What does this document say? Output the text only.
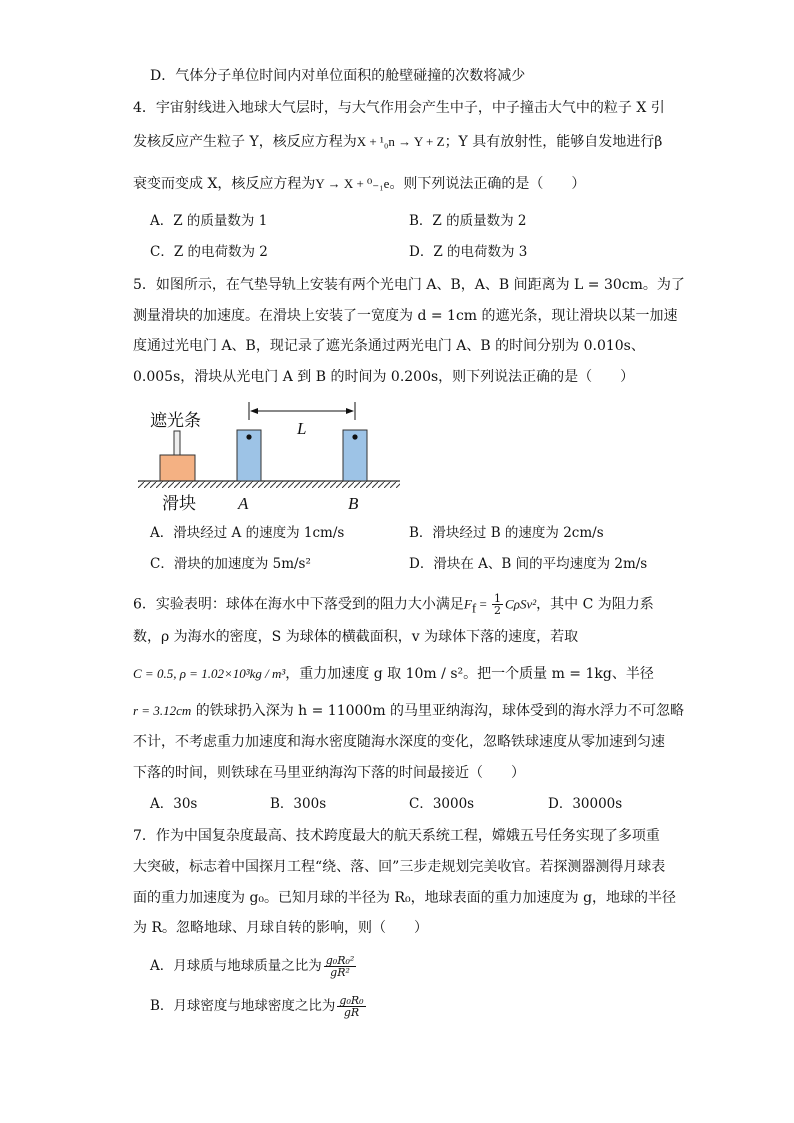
D．气体分子单位时间内对单位面积的舱壁碰撞的次数将减少
4．宇宙射线进入地球大气层时，与大气作用会产生中子，中子撞击大气中的粒子 X 引
发核反应产生粒子 Y，核反应方程为X + ¹₀n → Y + Z；Y 具有放射性，能够自发地进行β
衰变而变成 X，核反应方程为Y → X + ⁰₋₁e。则下列说法正确的是（　　）
A．Z 的质量数为 1	B．Z 的质量数为 2
C．Z 的电荷数为 2	D．Z 的电荷数为 3
5．如图所示，在气垫导轨上安装有两个光电门 A、B，A、B 间距离为 L = 30cm。为了
测量滑块的加速度。在滑块上安装了一宽度为 d = 1cm 的遮光条，现让滑块以某一加速
度通过光电门 A、B，现记录了遮光条通过两光电门 A、B 的时间分别为 0.010s、
0.005s，滑块从光电门 A 到 B 的时间为 0.200s，则下列说法正确的是（　　）
遮光条	L
滑块 A	B
A．滑块经过 A 的速度为 1cm/s	B．滑块经过 B 的速度为 2cm/s
C．滑块的加速度为 5m/s²	D．滑块在 A、B 间的平均速度为 2m/s
6．实验表明：球体在海水中下落受到的阻力大小满足$F_f = \frac{1}{2} C\rho Sv^2$，其中 C 为阻力系
数，ρ 为海水的密度，S 为球体的横截面积，v 为球体下落的速度，若取
C = 0.5, ρ = 1.02×10³kg / m³，重力加速度 g 取 10m / s²。把一个质量 m = 1kg、半径
r = 3.12cm 的铁球扔入深为 h = 11000m 的马里亚纳海沟，球体受到的海水浮力不可忽略
不计，不考虑重力加速度和海水密度随海水深度的变化，忽略铁球速度从零加速到匀速
下落的时间，则铁球在马里亚纳海沟下落的时间最接近（　　）
A．30s	B．300s	C．3000s	D．30000s
7．作为中国复杂度最高、技术跨度最大的航天系统工程，嫦娥五号任务实现了多项重
大突破，标志着中国探月工程“绕、落、回”三步走规划完美收官。若探测器测得月球表
面的重力加速度为 g₀。已知月球的半径为 R₀，地球表面的重力加速度为 g，地球的半径
为 R。忽略地球、月球自转的影响，则（　　）
A．月球质与地球质量之比为 $\frac{\text{g₀R₀²}}{\text{gR²}}$
B．月球密度与地球密度之比为 $\frac{\text{g₀R₀}}{gR}$
